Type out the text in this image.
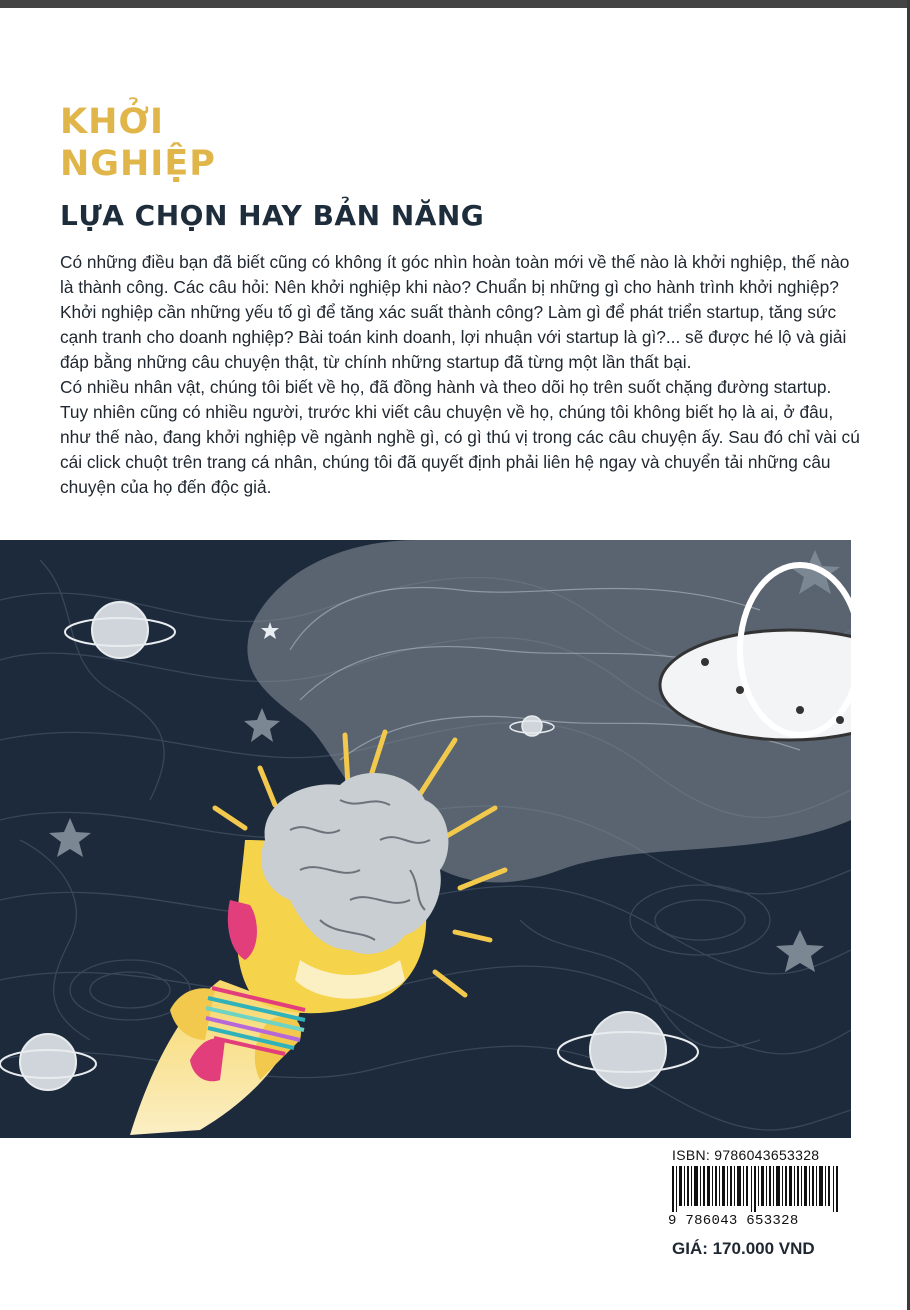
KHỞI
NGHIỆP
LỰA CHỌN HAY BẢN NĂNG

Có những điều bạn đã biết cũng có không ít góc nhìn hoàn toàn mới về thế nào là khởi nghiệp, thế nào là thành công. Các câu hỏi: Nên khởi nghiệp khi nào? Chuẩn bị những gì cho hành trình khởi nghiệp? Khởi nghiệp cần những yếu tố gì để tăng xác suất thành công? Làm gì để phát triển startup, tăng sức cạnh tranh cho doanh nghiệp? Bài toán kinh doanh, lợi nhuận với startup là gì?... sẽ được hé lộ và giải đáp bằng những câu chuyện thật, từ chính những startup đã từng một lần thất bại.

Có nhiều nhân vật, chúng tôi biết về họ, đã đồng hành và theo dõi họ trên suốt chặng đường startup. Tuy nhiên cũng có nhiều người, trước khi viết câu chuyện về họ, chúng tôi không biết họ là ai, ở đâu, như thế nào, đang khởi nghiệp về ngành nghề gì, có gì thú vị trong các câu chuyện ấy. Sau đó chỉ vài cú cái click chuột trên trang cá nhân, chúng tôi đã quyết định phải liên hệ ngay và chuyển tải những câu chuyện của họ đến độc giả.

ISBN: 9786043653328
9 786043 653328
GIÁ: 170.000 VND
